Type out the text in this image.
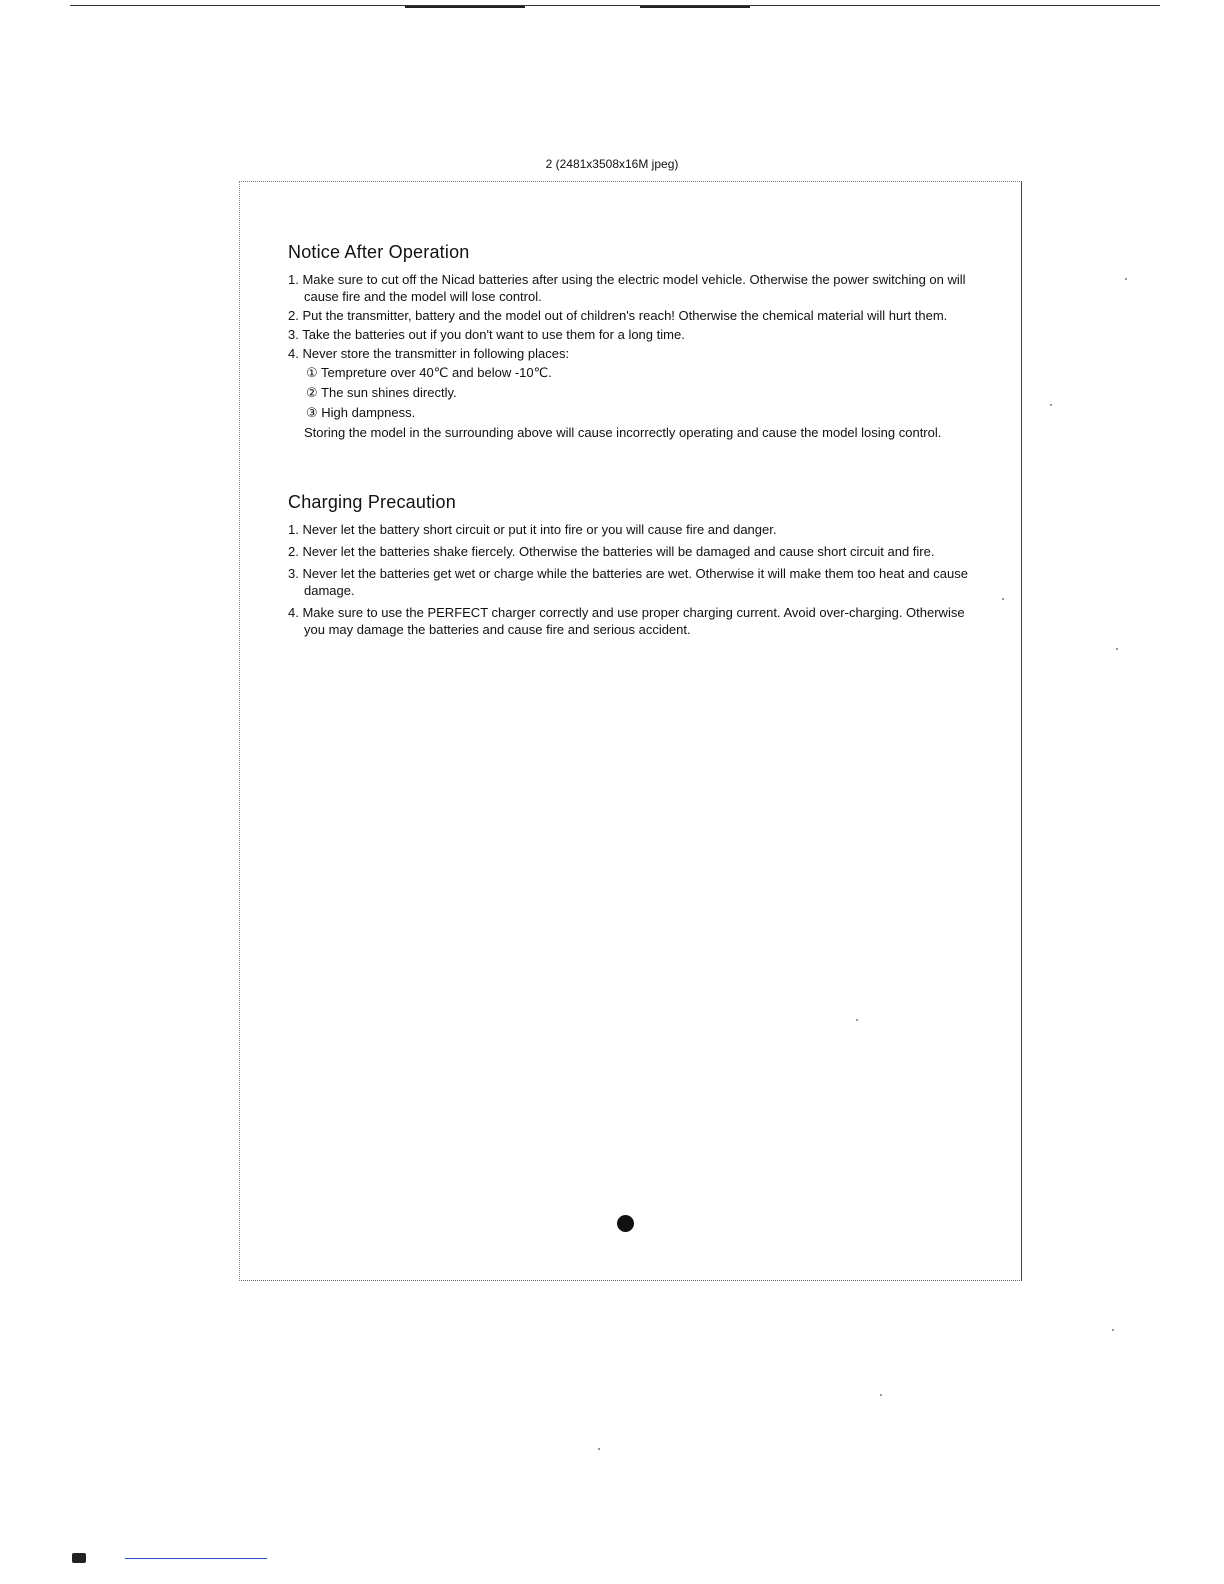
2 (2481x3508x16M jpeg)
Notice After Operation
1. Make sure to cut off the Nicad batteries after using the electric model vehicle. Otherwise the power switching on will cause fire and the model will lose control.
2. Put the transmitter, battery and the model out of children's reach! Otherwise the chemical material will hurt them.
3. Take the batteries out if you don't want to use them for a long time.
4. Never store the transmitter in following places:
① Tempreture over 40℃ and below -10℃.
② The sun shines directly.
③ High dampness.
Storing the model in the surrounding above will cause incorrectly operating and cause the model losing control.
Charging Precaution
1. Never let the battery short circuit or put it into fire or you will cause fire and danger.
2. Never let the batteries shake fiercely. Otherwise the batteries will be damaged and cause short circuit and fire.
3. Never let the batteries get wet or charge while the batteries are wet. Otherwise it will make them too heat and cause damage.
4. Make sure to use the PERFECT charger correctly and use proper charging current. Avoid over-charging. Otherwise you may damage the batteries and cause fire and serious accident.
